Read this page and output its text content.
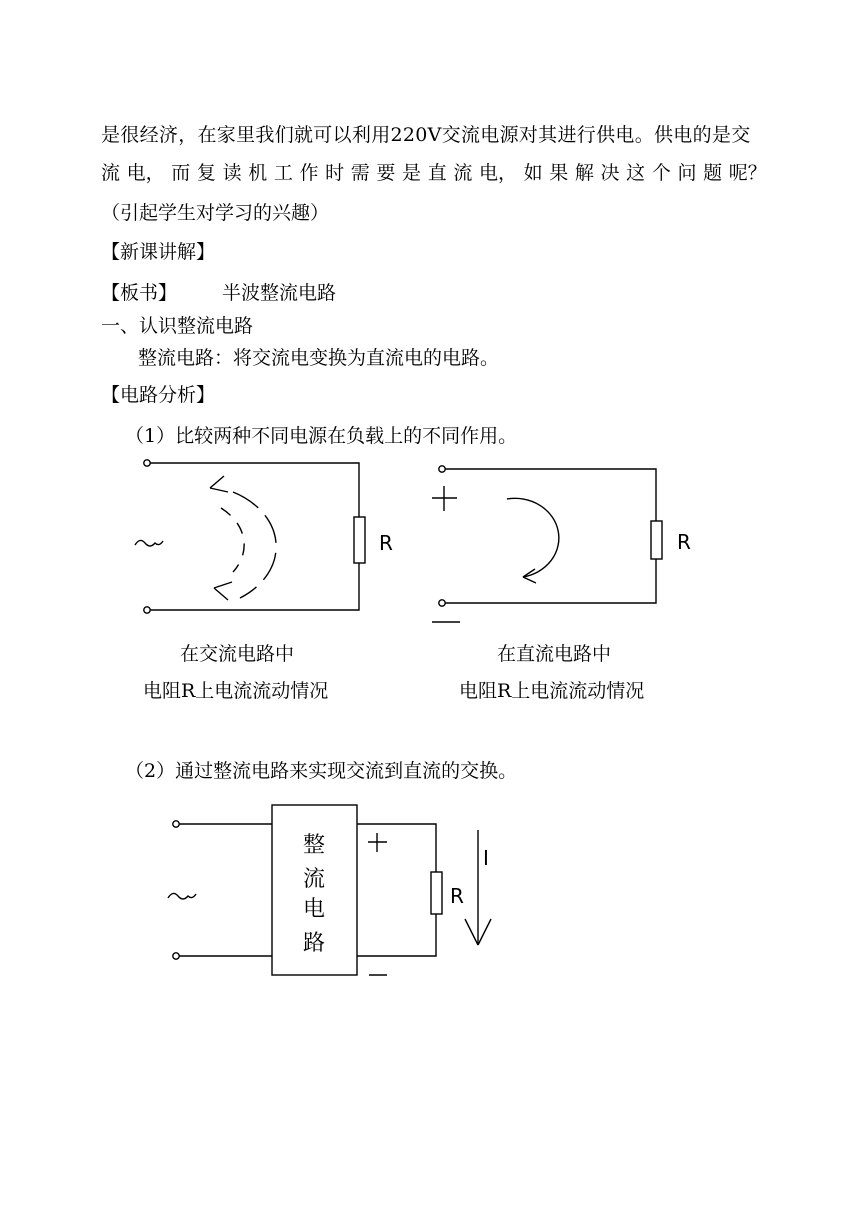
是很经济，在家里我们就可以利用220V交流电源对其进行供电。供电的是交
流 电， 而 复 读 机 工 作 时 需 要 是 直 流 电， 如 果 解 决 这 个 问 题 呢？
（引起学生对学习的兴趣）
【新课讲解】
【板书】 半波整流电路
一、认识整流电路
整流电路：将交流电变换为直流电的电路。
【电路分析】
（1）比较两种不同电源在负载上的不同作用。
R
在交流电路中
电阻R上电流流动情况
R
在直流电路中
电阻R上电流流动情况
（2）通过整流电路来实现交流到直流的交换。
整
流
电
路
R
I
